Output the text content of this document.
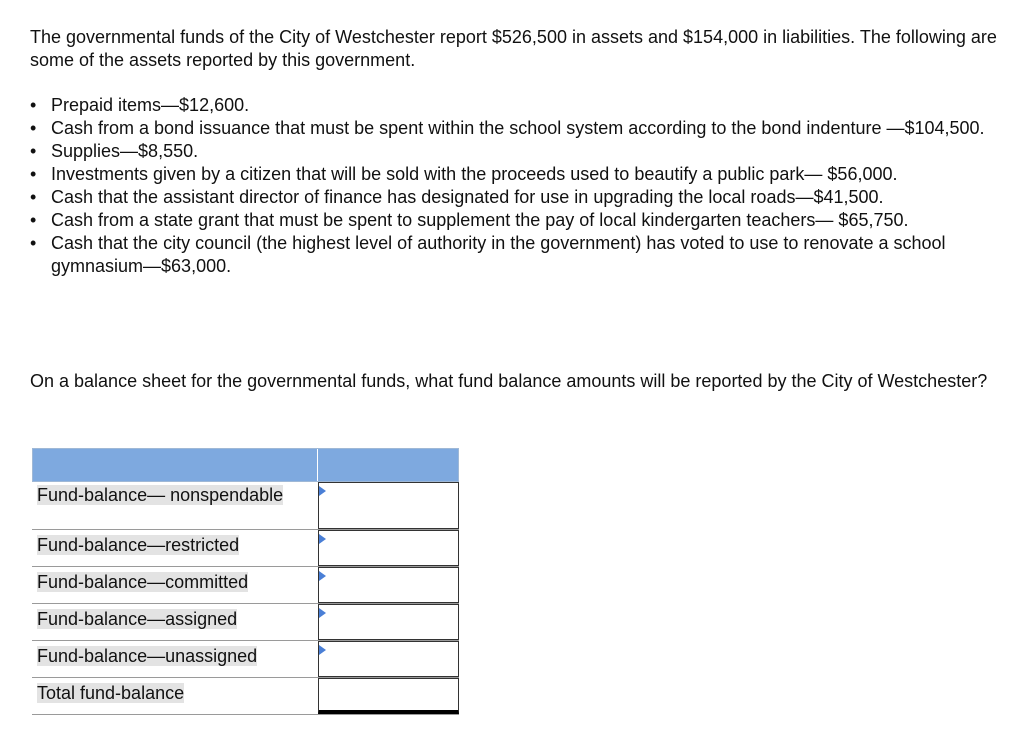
The governmental funds of the City of Westchester report $526,500 in assets and $154,000 in liabilities. The following are some of the assets reported by this government.

• Prepaid items—$12,600.
• Cash from a bond issuance that must be spent within the school system according to the bond indenture —$104,500.
• Supplies—$8,550.
• Investments given by a citizen that will be sold with the proceeds used to beautify a public park— $56,000.
• Cash that the assistant director of finance has designated for use in upgrading the local roads—$41,500.
• Cash from a state grant that must be spent to supplement the pay of local kindergarten teachers— $65,750.
• Cash that the city council (the highest level of authority in the government) has voted to use to renovate a school gymnasium—$63,000.

On a balance sheet for the governmental funds, what fund balance amounts will be reported by the City of Westchester?

Fund-balance— nonspendable
Fund-balance—restricted
Fund-balance—committed
Fund-balance—assigned
Fund-balance—unassigned
Total fund-balance
